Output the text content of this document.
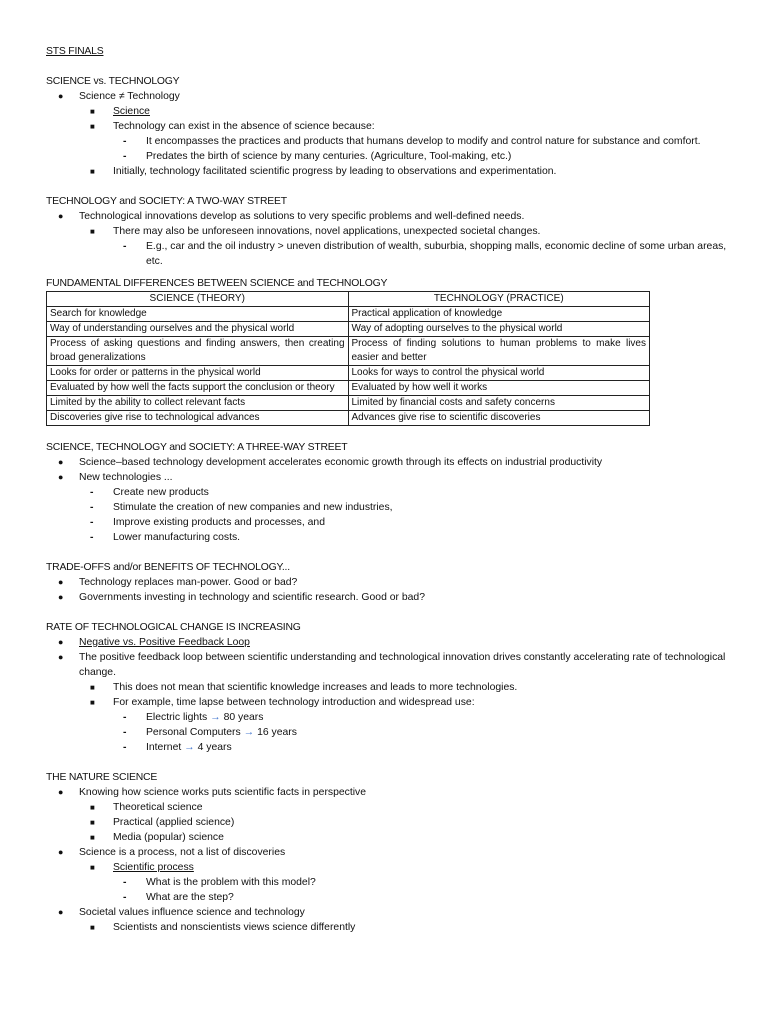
STS FINALS
SCIENCE vs. TECHNOLOGY
● Science ≠ Technology
■ Science
■ Technology can exist in the absence of science because:
- It encompasses the practices and products that humans develop to modify and control nature for substance and comfort.
- Predates the birth of science by many centuries. (Agriculture, Tool-making, etc.)
■ Initially, technology facilitated scientific progress by leading to observations and experimentation.
TECHNOLOGY and SOCIETY: A TWO-WAY STREET
● Technological innovations develop as solutions to very specific problems and well-defined needs.
■ There may also be unforeseen innovations, novel applications, unexpected societal changes.
- E.g., car and the oil industry > uneven distribution of wealth, suburbia, shopping malls, economic decline of some urban areas,
etc.
FUNDAMENTAL DIFFERENCES BETWEEN SCIENCE and TECHNOLOGY
SCIENCE (THEORY)	TECHNOLOGY (PRACTICE)
Search for knowledge	Practical application of knowledge
Way of understanding ourselves and the physical world	Way of adopting ourselves to the physical world
Process of asking questions and finding answers, then creating broad generalizations	Process of finding solutions to human problems to make lives easier and better
Looks for order or patterns in the physical world	Looks for ways to control the physical world
Evaluated by how well the facts support the conclusion or theory	Evaluated by how well it works
Limited by the ability to collect relevant facts	Limited by financial costs and safety concerns
Discoveries give rise to technological advances	Advances give rise to scientific discoveries
SCIENCE, TECHNOLOGY and SOCIETY: A THREE-WAY STREET
● Science–based technology development accelerates economic growth through its effects on industrial productivity
● New technologies ...
- Create new products
- Stimulate the creation of new companies and new industries,
- Improve existing products and processes, and
- Lower manufacturing costs.
TRADE-OFFS and/or BENEFITS OF TECHNOLOGY...
● Technology replaces man-power. Good or bad?
● Governments investing in technology and scientific research. Good or bad?
RATE OF TECHNOLOGICAL CHANGE IS INCREASING
● Negative vs. Positive Feedback Loop
● The positive feedback loop between scientific understanding and technological innovation drives constantly accelerating rate of technological
change.
■ This does not mean that scientific knowledge increases and leads to more technologies.
■ For example, time lapse between technology introduction and widespread use:
- Electric lights → 80 years
- Personal Computers → 16 years
- Internet → 4 years
THE NATURE SCIENCE
● Knowing how science works puts scientific facts in perspective
■ Theoretical science
■ Practical (applied science)
■ Media (popular) science
● Science is a process, not a list of discoveries
■ Scientific process
- What is the problem with this model?
- What are the step?
● Societal values influence science and technology
■ Scientists and nonscientists views science differently
